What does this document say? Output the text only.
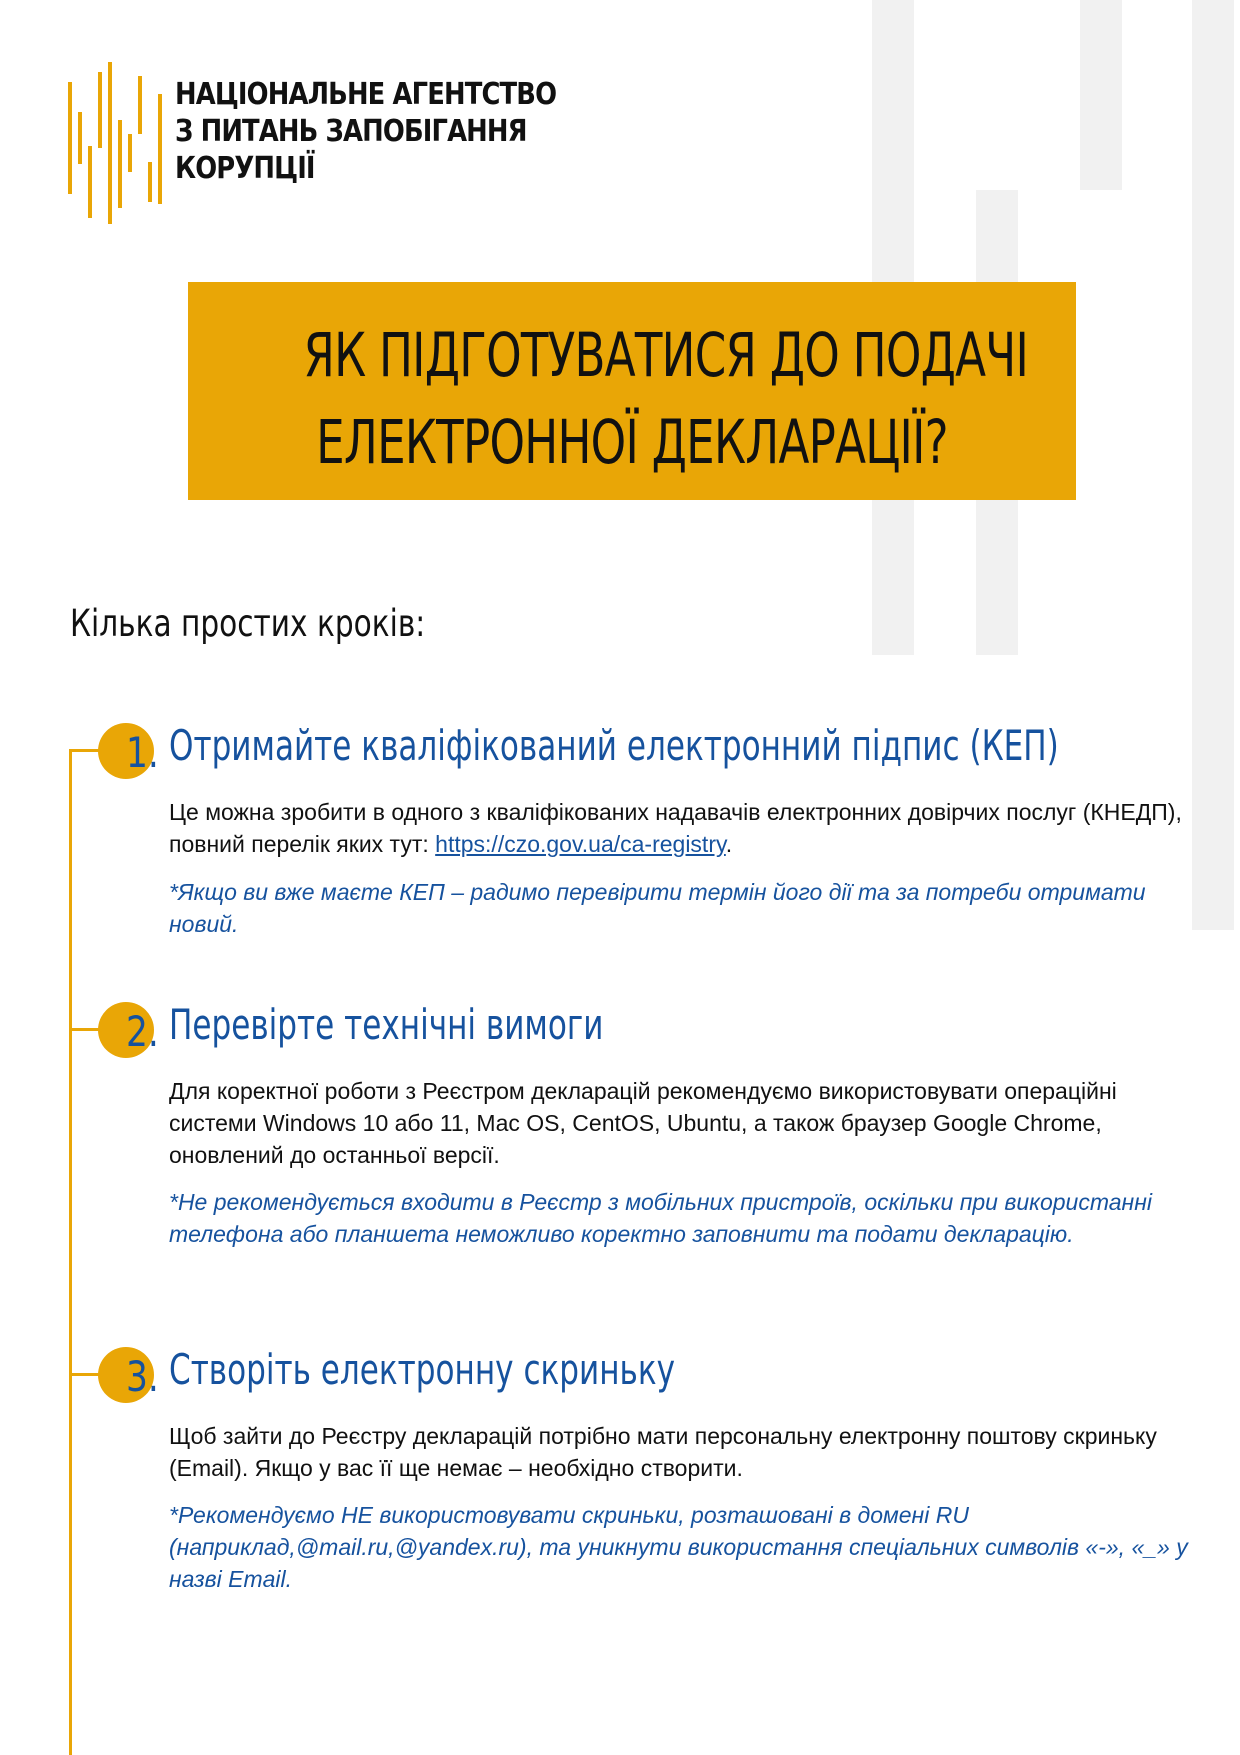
НАЦІОНАЛЬНЕ АГЕНТСТВО
З ПИТАНЬ ЗАПОБІГАННЯ
КОРУПЦІЇ
ЯК ПІДГОТУВАТИСЯ ДО ПОДАЧІ
ЕЛЕКТРОННОЇ ДЕКЛАРАЦІЇ?
Кілька простих кроків:
1. Отримайте кваліфікований електронний підпис (КЕП)
Це можна зробити в одного з кваліфікованих надавачів електронних довірчих послуг (КНЕДП), повний перелік яких тут: https://czo.gov.ua/ca-registry.
*Якщо ви вже маєте КЕП – радимо перевірити термін його дії та за потреби отримати новий.
2. Перевірте технічні вимоги
Для коректної роботи з Реєстром декларацій рекомендуємо використовувати операційні системи Windows 10 або 11, Mac OS, CentOS, Ubuntu, а також браузер Google Chrome, оновлений до останньої версії.
*Не рекомендується входити в Реєстр з мобільних пристроїв, оскільки при використанні телефона або планшета неможливо коректно заповнити та подати декларацію.
3. Створіть електронну скриньку
Щоб зайти до Реєстру декларацій потрібно мати персональну електронну поштову скриньку (Email). Якщо у вас її ще немає – необхідно створити.
*Рекомендуємо НЕ використовувати скриньки, розташовані в домені RU (наприклад,@mail.ru,@yandex.ru), та уникнути використання спеціальних символів «-», «_» у назві Email.
